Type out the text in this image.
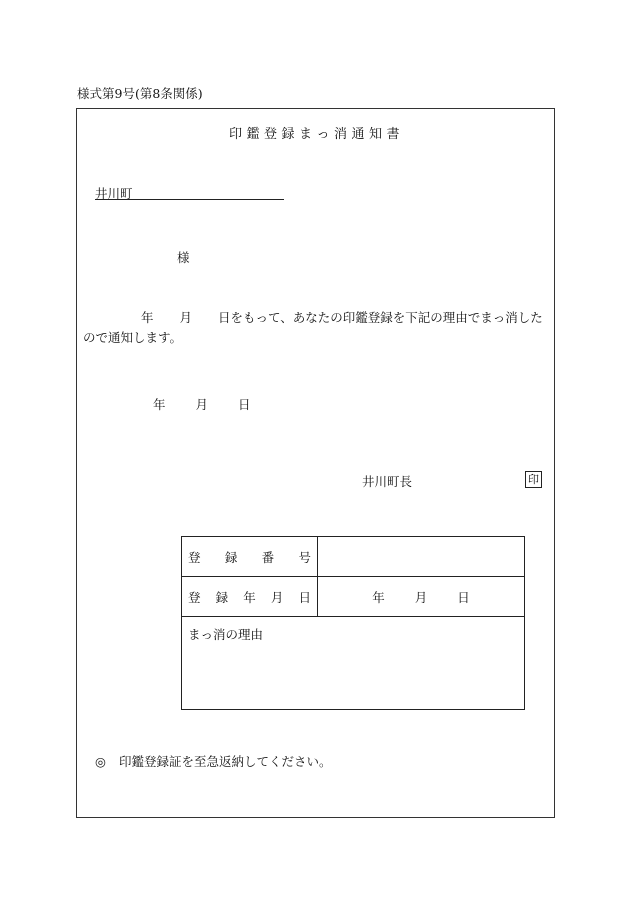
様式第9号(第8条関係)
印鑑登録まっ消通知書
井川町
様
年 月 日をもって、あなたの印鑑登録を下記の理由でまっ消したので通知します。
年 月 日
井川町長	印
登 録 番 号	

登 録 年 月 日	年 月 日

まっ消の理由	
◎ 印鑑登録証を至急返納してください。
